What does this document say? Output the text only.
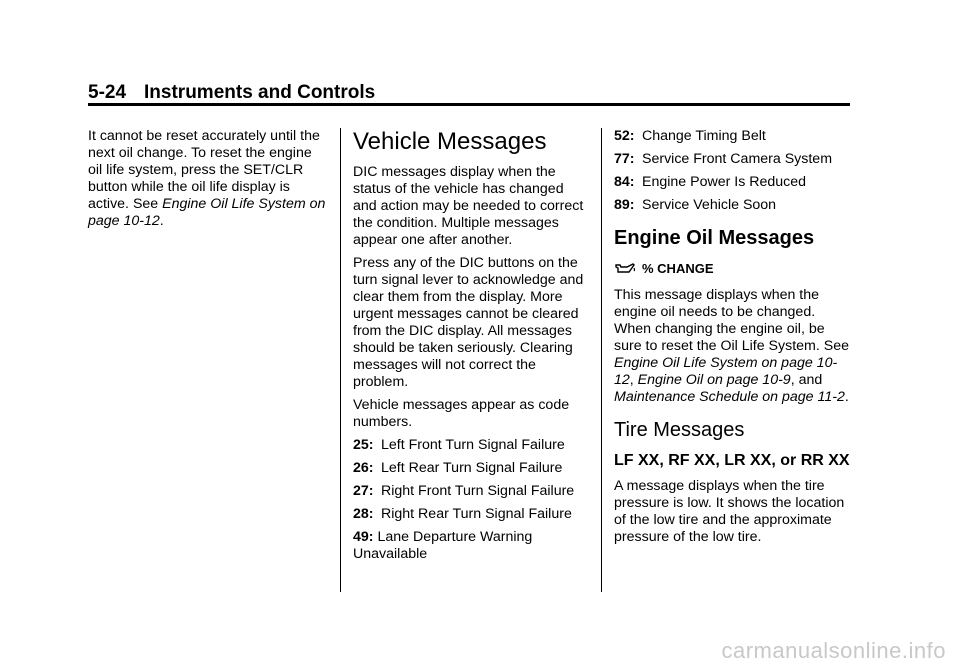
5-24 Instruments and Controls

It cannot be reset accurately until the next oil change. To reset the engine oil life system, press the SET/CLR button while the oil life display is active. See Engine Oil Life System on page 10-12.

Vehicle Messages

DIC messages display when the status of the vehicle has changed and action may be needed to correct the condition. Multiple messages appear one after another.

Press any of the DIC buttons on the turn signal lever to acknowledge and clear them from the display. More urgent messages cannot be cleared from the DIC display. All messages should be taken seriously. Clearing messages will not correct the problem.

Vehicle messages appear as code numbers.

25: Left Front Turn Signal Failure
26: Left Rear Turn Signal Failure
27: Right Front Turn Signal Failure
28: Right Rear Turn Signal Failure

49: Lane Departure Warning Unavailable

52: Change Timing Belt
77: Service Front Camera System
84: Engine Power Is Reduced
89: Service Vehicle Soon
Engine Oil Messages
% CHANGE

This message displays when the engine oil needs to be changed. When changing the engine oil, be sure to reset the Oil Life System. See Engine Oil Life System on page 10-12, Engine Oil on page 10-9, and Maintenance Schedule on page 11-2.

Tire Messages
LF XX, RF XX, LR XX, or RR XX

A message displays when the tire pressure is low. It shows the location of the low tire and the approximate pressure of the low tire.

carmanualsonline.info
